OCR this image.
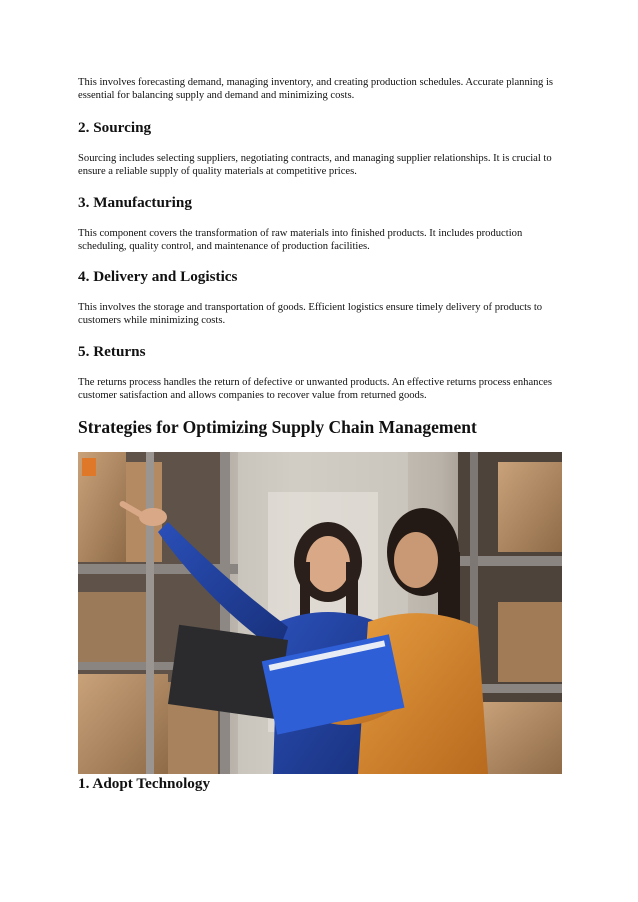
This involves forecasting demand, managing inventory, and creating production schedules. Accurate planning is essential for balancing supply and demand and minimizing costs.

2. Sourcing

Sourcing includes selecting suppliers, negotiating contracts, and managing supplier relationships. It is crucial to ensure a reliable supply of quality materials at competitive prices.

3. Manufacturing

This component covers the transformation of raw materials into finished products. It includes production scheduling, quality control, and maintenance of production facilities.

4. Delivery and Logistics

This involves the storage and transportation of goods. Efficient logistics ensure timely delivery of products to customers while minimizing costs.

5. Returns

The returns process handles the return of defective or unwanted products. An effective returns process enhances customer satisfaction and allows companies to recover value from returned goods.

Strategies for Optimizing Supply Chain Management
1. Adopt Technology
